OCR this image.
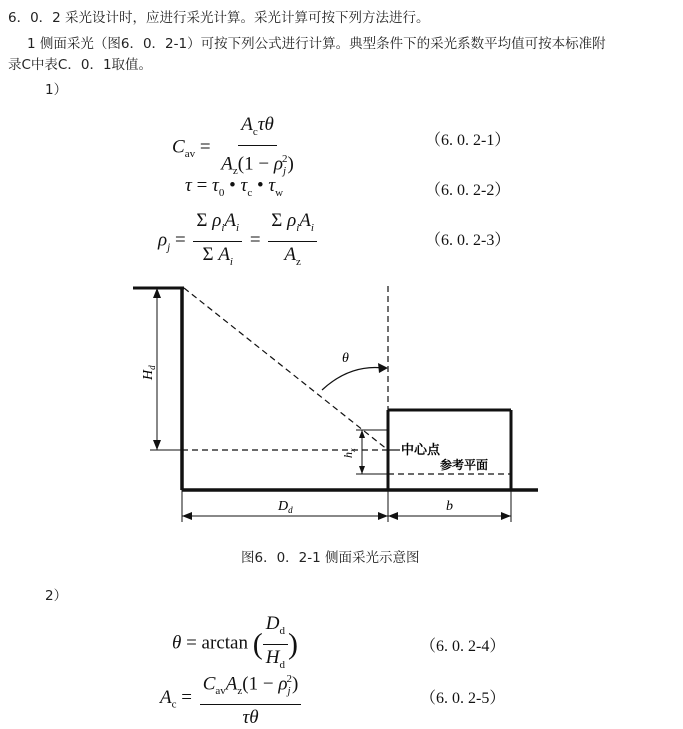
6．0．2 采光设计时，应进行采光计算。采光计算可按下列方法进行。
1 侧面采光（图6．0．2-1）可按下列公式进行计算。典型条件下的采光系数平均值可按本标准附
录C中表C．0．1取值。
1）
$C_{av} = \frac{A_c\tau\theta}{A_z(1 - \rho_j^2)}$	（6. 0. 2-1）
$\tau = \tau_0$ • $\tau_c$ • $\tau_w$	（6. 0. 2-2）
$\rho_j = \frac{\Sigma \rho_iA_i}{\Sigma A_i} = \frac{\Sigma \rho_iA_i}{A_z}$	（6. 0. 2-3）
θ
$H_d$
$h_x$	中心点
参考平面
$D_d$	b
图6．0．2-1 侧面采光示意图
2）
θ = arctan ( $\frac{D_d}{H_d}$ )	（6. 0. 2-4）
$A_c = \frac{C_{av}A_z(1 - \rho_j^2)}{\tau\theta}$	（6. 0. 2-5）
